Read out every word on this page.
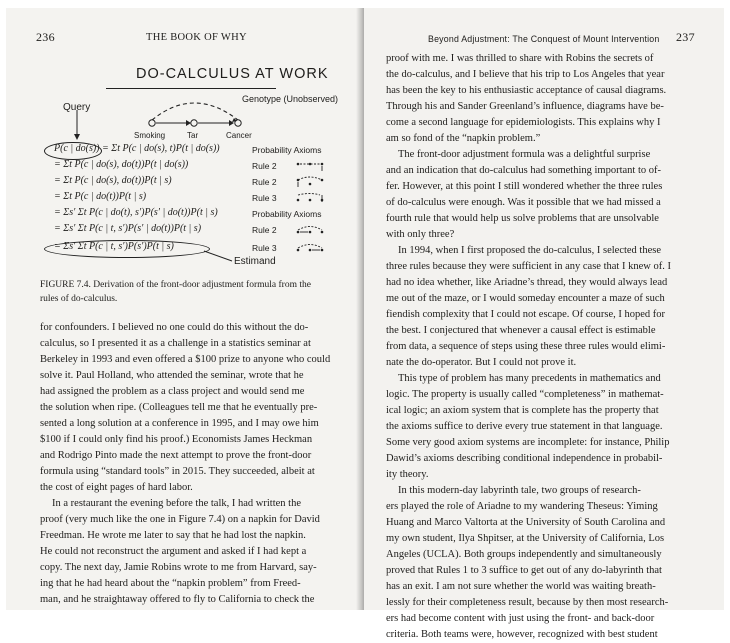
236	THE BOOK OF WHY
DO-CALCULUS AT WORK
Query
Genotype (Unobserved)
Smoking	Tar	Cancer
Estimand
P(c | do(s)) = Σt P(c | do(s), t)P(t | do(s))	Probability Axioms
= Σt P(c | do(s), do(t))P(t | do(s))	Rule 2
= Σt P(c | do(s), do(t))P(t | s)	Rule 2
= Σt P(c | do(t))P(t | s)	Rule 3
= Σs′ Σt P(c | do(t), s′)P(s′ | do(t))P(t | s)	Probability Axioms
= Σs′ Σt P(c | t, s′)P(s′ | do(t))P(t | s)	Rule 2
= Σs′ Σt P(c | t, s′)P(s′)P(t | s)	Rule 3
FIGURE 7.4. Derivation of the front-door adjustment formula from the
rules of do-calculus.
for confounders. I believed no one could do this without the do-
calculus, so I presented it as a challenge in a statistics seminar at
Berkeley in 1993 and even offered a $100 prize to anyone who could
solve it. Paul Holland, who attended the seminar, wrote that he
had assigned the problem as a class project and would send me
the solution when ripe. (Colleagues tell me that he eventually pre-
sented a long solution at a conference in 1995, and I may owe him
$100 if I could only find his proof.) Economists James Heckman
and Rodrigo Pinto made the next attempt to prove the front-door
formula using “standard tools” in 2015. They succeeded, albeit at
the cost of eight pages of hard labor.
In a restaurant the evening before the talk, I had written the
proof (very much like the one in Figure 7.4) on a napkin for David
Freedman. He wrote me later to say that he had lost the napkin.
He could not reconstruct the argument and asked if I had kept a
copy. The next day, Jamie Robins wrote to me from Harvard, say-
ing that he had heard about the “napkin problem” from Freed-
man, and he straightaway offered to fly to California to check the
Beyond Adjustment: The Conquest of Mount Intervention 237
proof with me. I was thrilled to share with Robins the secrets of
the do-calculus, and I believe that his trip to Los Angeles that year
has been the key to his enthusiastic acceptance of causal diagrams.
Through his and Sander Greenland’s influence, diagrams have be-
come a second language for epidemiologists. This explains why I
am so fond of the “napkin problem.”
The front-door adjustment formula was a delightful surprise
and an indication that do-calculus had something important to of-
fer. However, at this point I still wondered whether the three rules
of do-calculus were enough. Was it possible that we had missed a
fourth rule that would help us solve problems that are unsolvable
with only three?
In 1994, when I first proposed the do-calculus, I selected these
three rules because they were sufficient in any case that I knew of. I
had no idea whether, like Ariadne’s thread, they would always lead
me out of the maze, or I would someday encounter a maze of such
fiendish complexity that I could not escape. Of course, I hoped for
the best. I conjectured that whenever a causal effect is estimable
from data, a sequence of steps using these three rules would elimi-
nate the do-operator. But I could not prove it.
This type of problem has many precedents in mathematics and
logic. The property is usually called “completeness” in mathemat-
ical logic; an axiom system that is complete has the property that
the axioms suffice to derive every true statement in that language.
Some very good axiom systems are incomplete: for instance, Philip
Dawid’s axioms describing conditional independence in probabil-
ity theory.
In this modern-day labyrinth tale, two groups of research-
ers played the role of Ariadne to my wandering Theseus: Yiming
Huang and Marco Valtorta at the University of South Carolina and
my own student, Ilya Shpitser, at the University of California, Los
Angeles (UCLA). Both groups independently and simultaneously
proved that Rules 1 to 3 suffice to get out of any do-labyrinth that
has an exit. I am not sure whether the world was waiting breath-
lessly for their completeness result, because by then most research-
ers had become content with just using the front- and back-door
criteria. Both teams were, however, recognized with best student
